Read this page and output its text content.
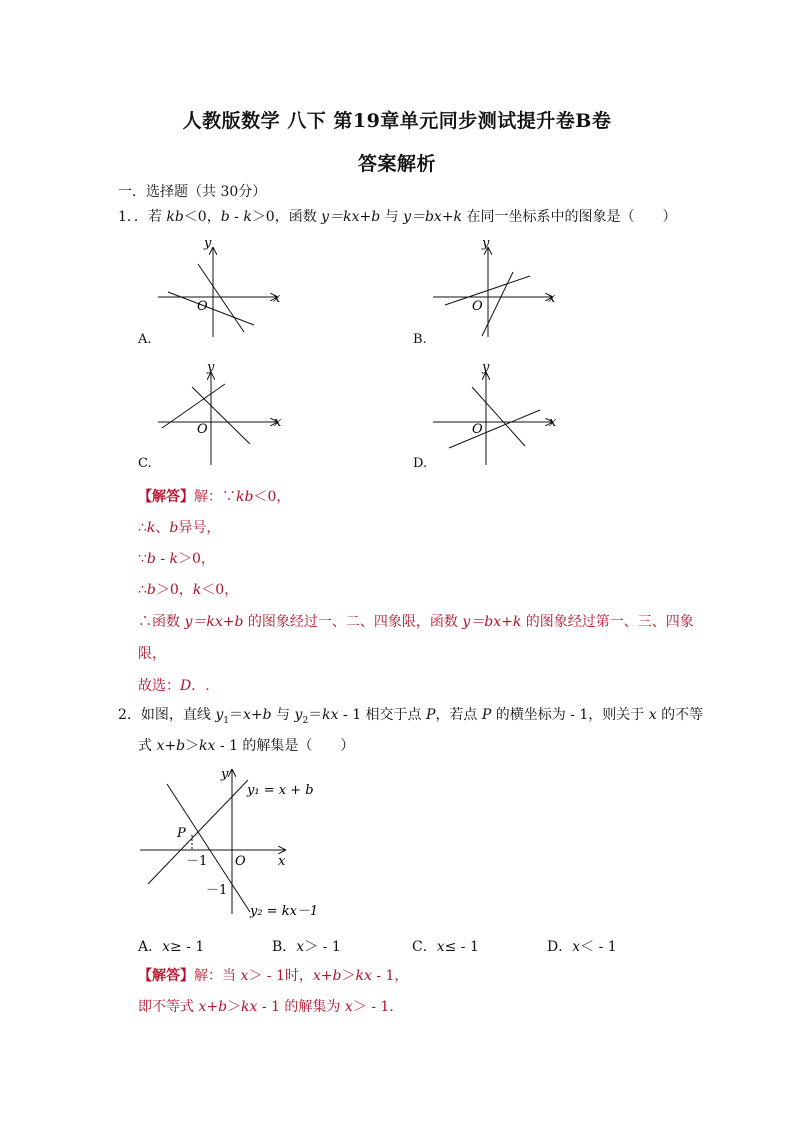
人教版数学 八下 第19章单元同步测试提升卷B卷
答案解析
一．选择题（共 30分）
1．．若 kb＜0，b - k＞0，函数 y＝kx+b 与 y＝bx+k 在同一坐标系中的图象是（　　）
x
y
O
A.
x
y
O
B.
x
y
O
C.
x
y
O
D.
【解答】解：∵kb＜0，
∴k、b异号，
∵b - k＞0，
∴b＞0，k＜0，
∴函数 y＝kx+b 的图象经过一、二、四象限，函数 y＝bx+k 的图象经过第一、三、四象
限，
故选：D．.
2．如图，直线 $y_1=x+b$ 与 $y_2=kx - 1$ 相交于点 P，若点 P 的横坐标为 - 1，则关于 x 的不等
式 x+b＞kx - 1 的解集是（　　）
y₁ = x + b
y₂ = kx－1
P
－1
－1
O x
y
A．x≥ - 1	B．x＞ - 1	C．x≤ - 1	D．x＜ - 1
【解答】解：当 x＞ - 1时，x+b＞kx - 1，
即不等式 x+b＞kx - 1 的解集为 x＞ - 1．
